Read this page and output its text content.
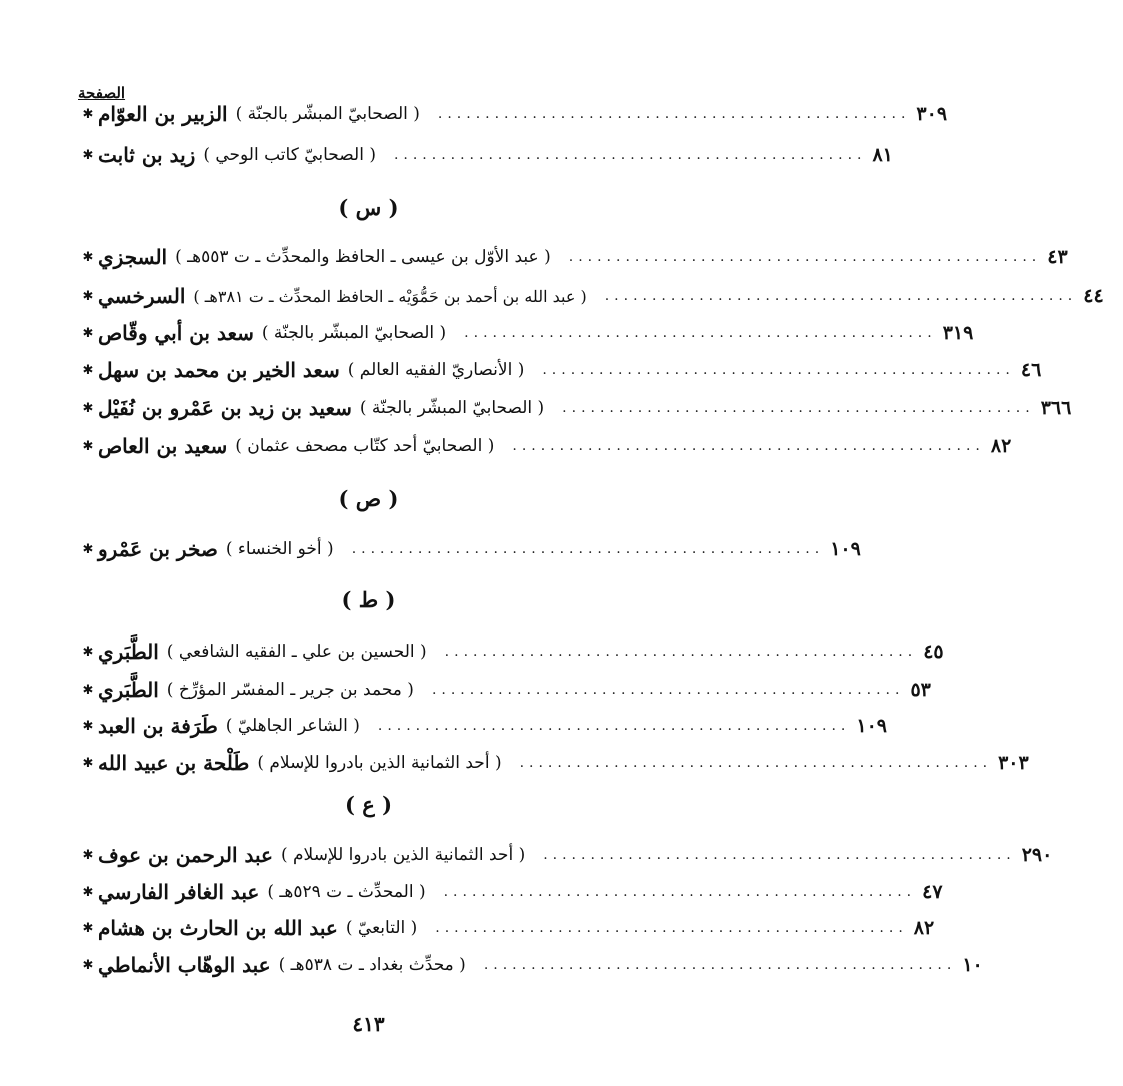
الصفحة
✱ الزبير بن العوّام ( الصحابيّ المبشّر بالجنّة ) .................................................. ٣٠٩
✱ زيد بن ثابت ( الصحابيّ كاتب الوحي ) .................................................. ٨١
( س )
✱ السجزي ( عبد الأوّل بن عيسى ـ الحافظ والمحدِّث ـ ت ٥٥٣هـ ) .................................................. ٤٣
✱ السرخسي ( عبد الله بن أحمد بن حَمُّوَيْه ـ الحافظ المحدِّث ـ ت ٣٨١هـ ) .................................................. ٤٤
✱ سعد بن أبي وقّاص ( الصحابيّ المبشّر بالجنّة ) .................................................. ٣١٩
✱ سعد الخير بن محمد بن سهل ( الأنصاريّ الفقيه العالم ) .................................................. ٤٦
✱ سعيد بن زيد بن عَمْرو بن نُفَيْل ( الصحابيّ المبشّر بالجنّة ) .................................................. ٣٦٦
✱ سعيد بن العاص ( الصحابيّ أحد كتّاب مصحف عثمان ) .................................................. ٨٢
( ص )
✱ صخر بن عَمْرو ( أخو الخنساء ) .................................................. ١٠٩
( ط )
✱ الطَّبَري ( الحسين بن علي ـ الفقيه الشافعي ) .................................................. ٤٥
✱ الطَّبَري ( محمد بن جرير ـ المفسّر المؤرِّخ ) .................................................. ٥٣
✱ طَرَفة بن العبد ( الشاعر الجاهليّ ) .................................................. ١٠٩
✱ طَلْحة بن عبيد الله ( أحد الثمانية الذين بادروا للإسلام ) .................................................. ٣٠٣
( ع )
✱ عبد الرحمن بن عوف ( أحد الثمانية الذين بادروا للإسلام ) .................................................. ٢٩٠
✱ عبد الغافر الفارسي ( المحدِّث ـ ت ٥٢٩هـ ) .................................................. ٤٧
✱ عبد الله بن الحارث بن هشام ( التابعيّ ) .................................................. ٨٢
✱ عبد الوهّاب الأنماطي ( محدِّث بغداد ـ ت ٥٣٨هـ ) .................................................. ١٠
٤١٣
